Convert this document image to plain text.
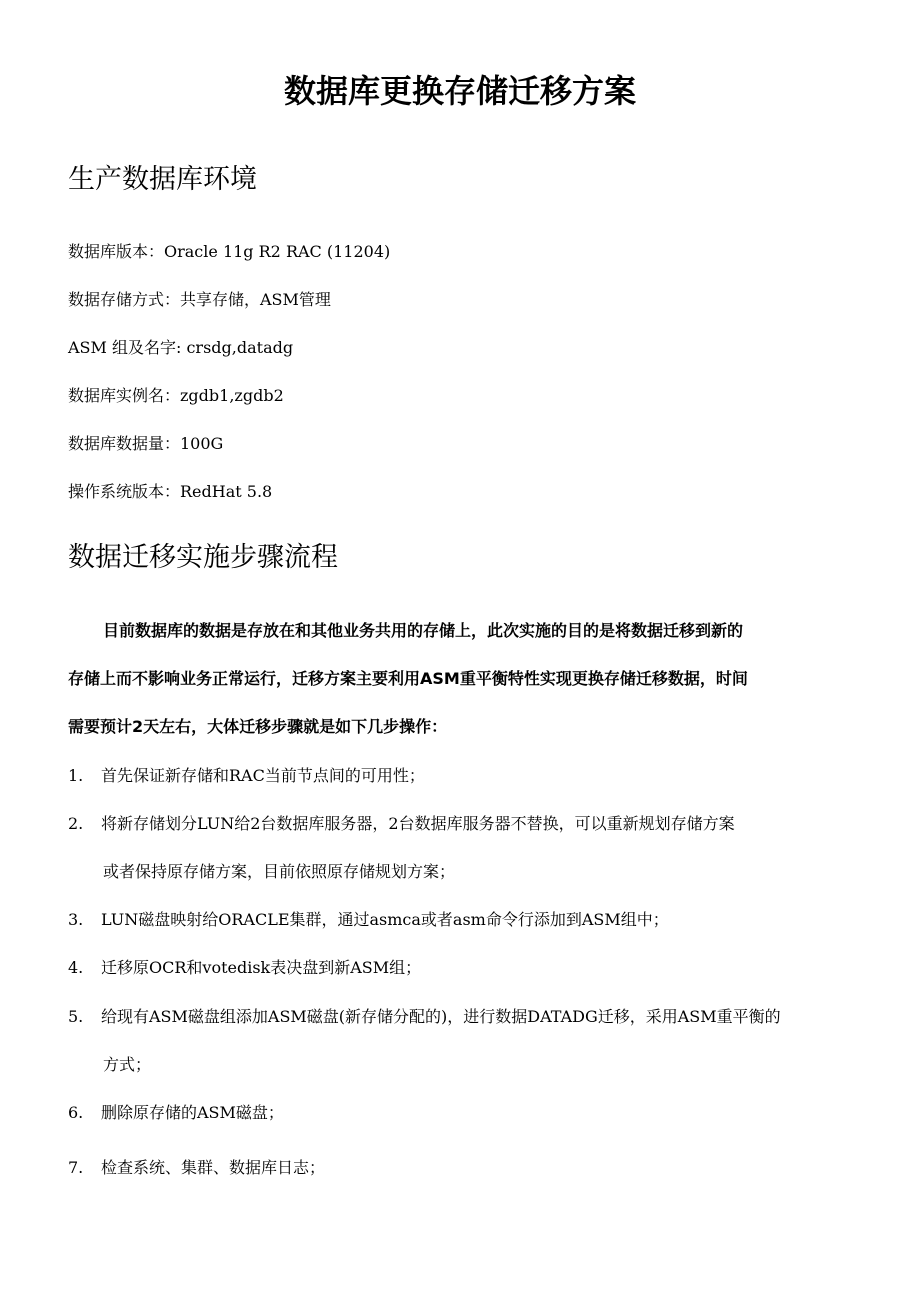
数据库更换存储迁移方案
生产数据库环境
数据库版本：Oracle 11g R2 RAC (11204)
数据存储方式：共享存储，ASM管理
ASM 组及名字: crsdg,datadg
数据库实例名：zgdb1,zgdb2
数据库数据量：100G
操作系统版本：RedHat 5.8
数据迁移实施步骤流程
目前数据库的数据是存放在和其他业务共用的存储上，此次实施的目的是将数据迁移到新的
存储上而不影响业务正常运行，迁移方案主要利用ASM重平衡特性实现更换存储迁移数据，时间
需要预计2天左右，大体迁移步骤就是如下几步操作：
1. 首先保证新存储和RAC当前节点间的可用性；
2. 将新存储划分LUN给2台数据库服务器，2台数据库服务器不替换，可以重新规划存储方案
或者保持原存储方案，目前依照原存储规划方案；
3. LUN磁盘映射给ORACLE集群，通过asmca或者asm命令行添加到ASM组中；
4. 迁移原OCR和votedisk表决盘到新ASM组；
5. 给现有ASM磁盘组添加ASM磁盘(新存储分配的)，进行数据DATADG迁移，采用ASM重平衡的
方式；
6. 删除原存储的ASM磁盘；
7. 检查系统、集群、数据库日志；
